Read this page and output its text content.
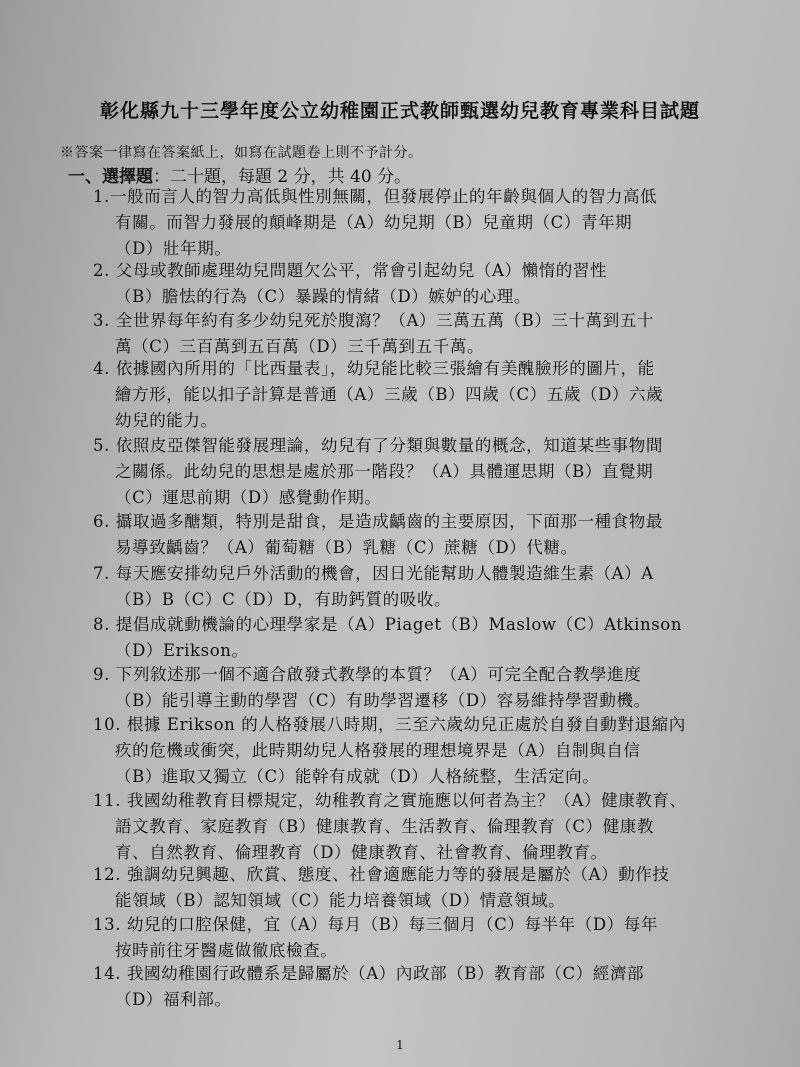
彰化縣九十三學年度公立幼稚園正式教師甄選幼兒教育專業科目試題
※答案一律寫在答案紙上，如寫在試題卷上則不予計分。
一、選擇題：二十題，每題 2 分，共 40 分。
1.一般而言人的智力高低與性別無關，但發展停止的年齡與個人的智力高低
有關。而智力發展的顛峰期是（A）幼兒期（B）兒童期（C）青年期
（D）壯年期。
2. 父母或教師處理幼兒問題欠公平，常會引起幼兒（A）懶惰的習性
（B）膽怯的行為（C）暴躁的情緒（D）嫉妒的心理。
3. 全世界每年約有多少幼兒死於腹瀉？（A）三萬五萬（B）三十萬到五十
萬（C）三百萬到五百萬（D）三千萬到五千萬。
4. 依據國內所用的「比西量表」，幼兒能比較三張繪有美醜臉形的圖片，能
繪方形，能以扣子計算是普通（A）三歲（B）四歲（C）五歲（D）六歲
幼兒的能力。
5. 依照皮亞傑智能發展理論，幼兒有了分類與數量的概念，知道某些事物間
之關係。此幼兒的思想是處於那一階段？（A）具體運思期（B）直覺期
（C）運思前期（D）感覺動作期。
6. 攝取過多醣類，特別是甜食，是造成齲齒的主要原因，下面那一種食物最
易導致齲齒？（A）葡萄糖（B）乳糖（C）蔗糖（D）代糖。
7. 每天應安排幼兒戶外活動的機會，因日光能幫助人體製造維生素（A）A
（B）B（C）C（D）D，有助鈣質的吸收。
8. 提倡成就動機論的心理學家是（A）Piaget（B）Maslow（C）Atkinson
（D）Erikson。
9. 下列敘述那一個不適合啟發式教學的本質？（A）可完全配合教學進度
（B）能引導主動的學習（C）有助學習遷移（D）容易維持學習動機。
10. 根據 Erikson 的人格發展八時期，三至六歲幼兒正處於自發自動對退縮內
疚的危機或衝突，此時期幼兒人格發展的理想境界是（A）自制與自信
（B）進取又獨立（C）能幹有成就（D）人格統整，生活定向。
11. 我國幼稚教育目標規定，幼稚教育之實施應以何者為主？（A）健康教育、
語文教育、家庭教育（B）健康教育、生活教育、倫理教育（C）健康教
育、自然教育、倫理教育（D）健康教育、社會教育、倫理教育。
12. 強調幼兒興趣、欣賞、態度、社會適應能力等的發展是屬於（A）動作技
能領域（B）認知領域（C）能力培養領域（D）情意領域。
13. 幼兒的口腔保健，宜（A）每月（B）每三個月（C）每半年（D）每年
按時前往牙醫處做徹底檢查。
14. 我國幼稚園行政體系是歸屬於（A）內政部（B）教育部（C）經濟部
（D）福利部。
1
